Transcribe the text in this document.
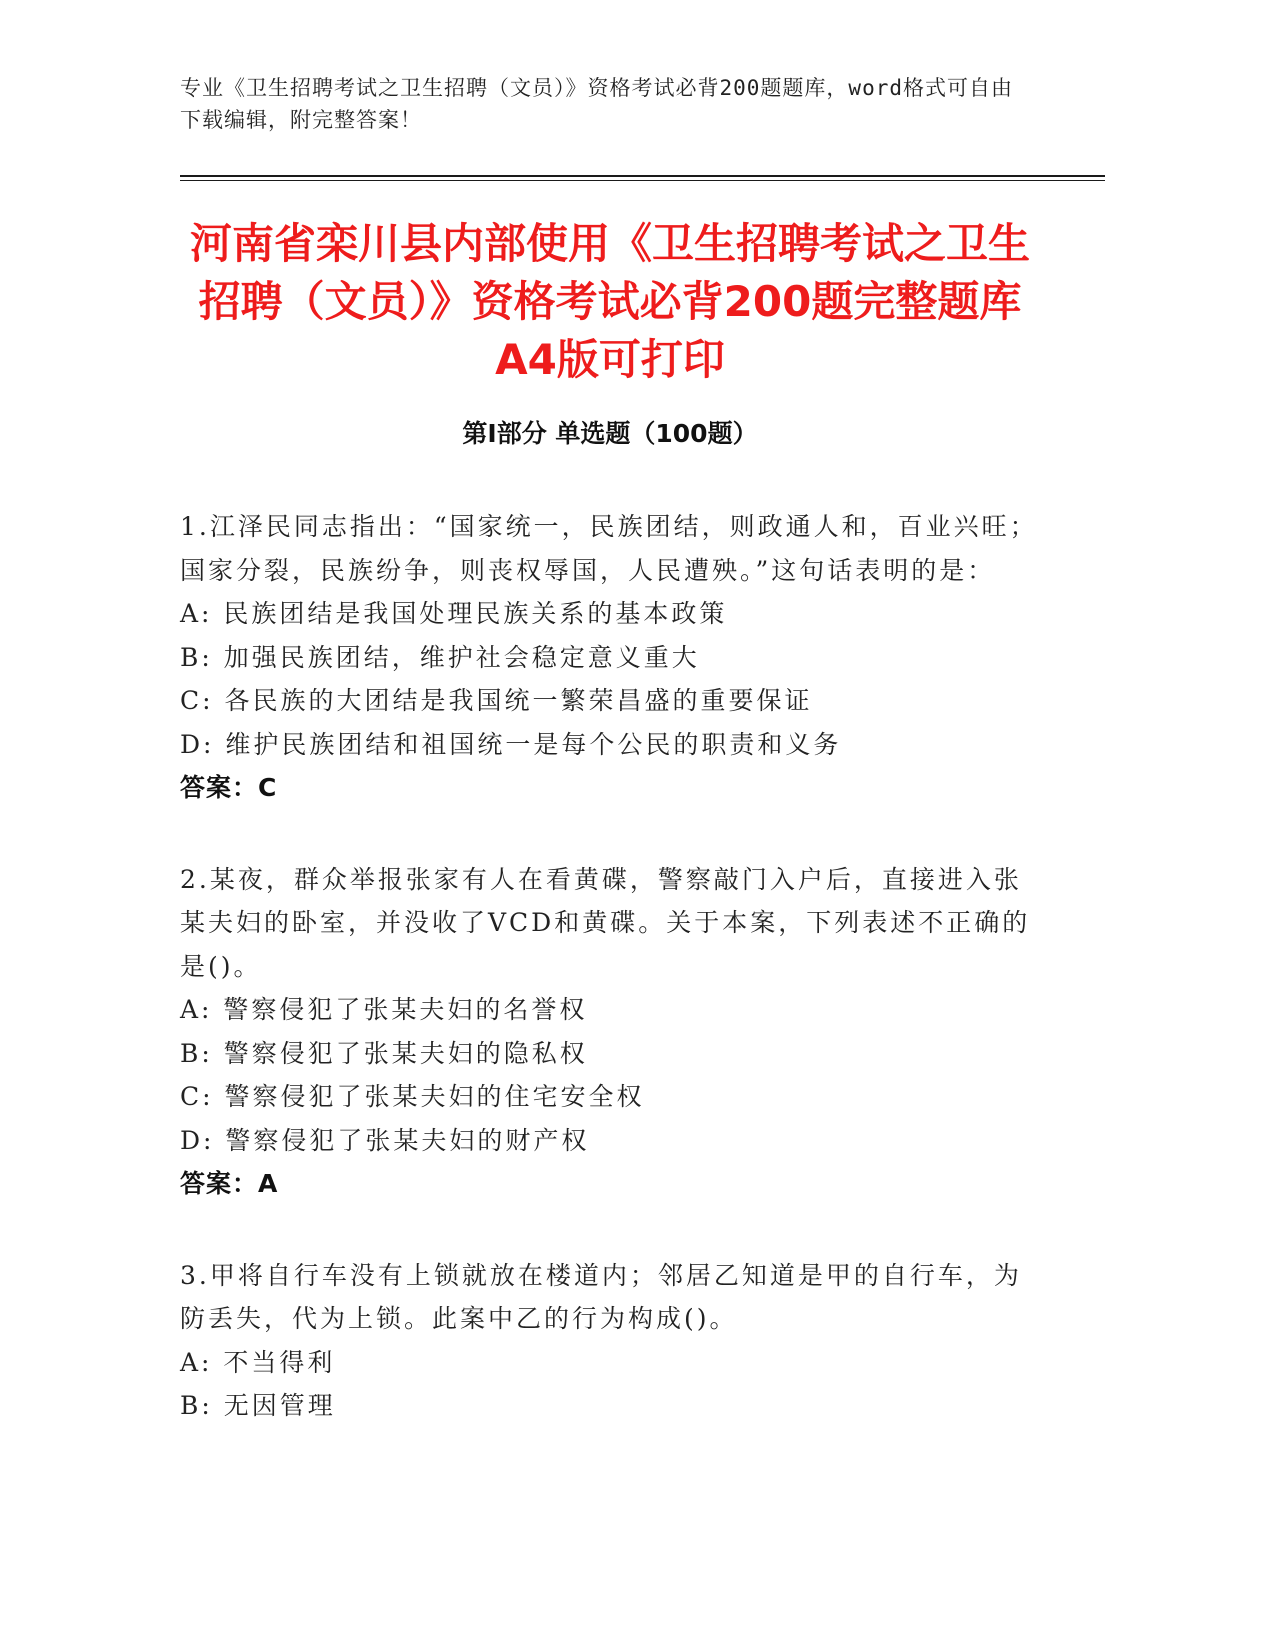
专业《卫生招聘考试之卫生招聘（文员）》资格考试必背200题题库，word格式可自由下载编辑，附完整答案！
河南省栾川县内部使用《卫生招聘考试之卫生招聘（文员）》资格考试必背200题完整题库A4版可打印
第I部分 单选题（100题）

1.江泽民同志指出：“国家统一，民族团结，则政通人和，百业兴旺；国家分裂，民族纷争，则丧权辱国，人民遭殃。”这句话表明的是：

A: 民族团结是我国处理民族关系的基本政策

B: 加强民族团结，维护社会稳定意义重大

C: 各民族的大团结是我国统一繁荣昌盛的重要保证

D: 维护民族团结和祖国统一是每个公民的职责和义务

答案：C

2.某夜，群众举报张家有人在看黄碟，警察敲门入户后，直接进入张某夫妇的卧室，并没收了VCD和黄碟。关于本案，下列表述不正确的是()。

A: 警察侵犯了张某夫妇的名誉权

B: 警察侵犯了张某夫妇的隐私权

C: 警察侵犯了张某夫妇的住宅安全权

D: 警察侵犯了张某夫妇的财产权

答案：A

3.甲将自行车没有上锁就放在楼道内；邻居乙知道是甲的自行车，为防丢失，代为上锁。此案中乙的行为构成()。

A: 不当得利

B: 无因管理
